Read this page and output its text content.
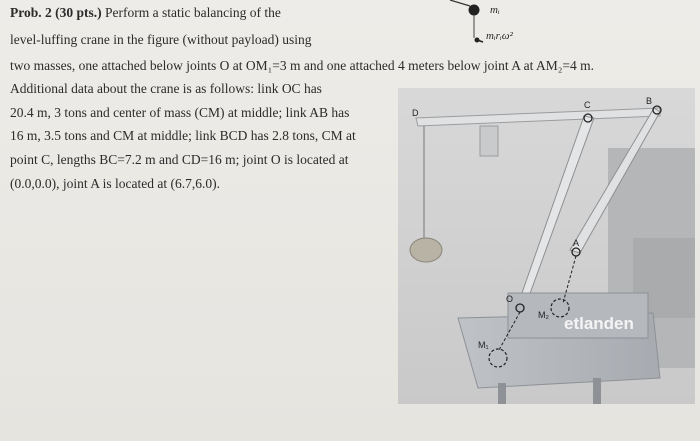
Prob. 2 (30 pts.) Perform a static balancing of the
level-luffing crane in the figure (without payload) using
two masses, one attached below joints O at OM₁=3 m and one attached 4 meters below joint A at AM₂=4 m.
Additional data about the crane is as follows: link OC has
20.4 m, 3 tons and center of mass (CM) at middle; link AB has
16 m, 3.5 tons and CM at middle; link BCD has 2.8 tons, CM at
point C, lengths BC=7.2 m and CD=16 m; joint O is located at
(0.0,0.0), joint A is located at (6.7,6.0).
mᵢ
mᵢrᵢω²
D
C	B
A
O
M₁
M₂ etlanden
